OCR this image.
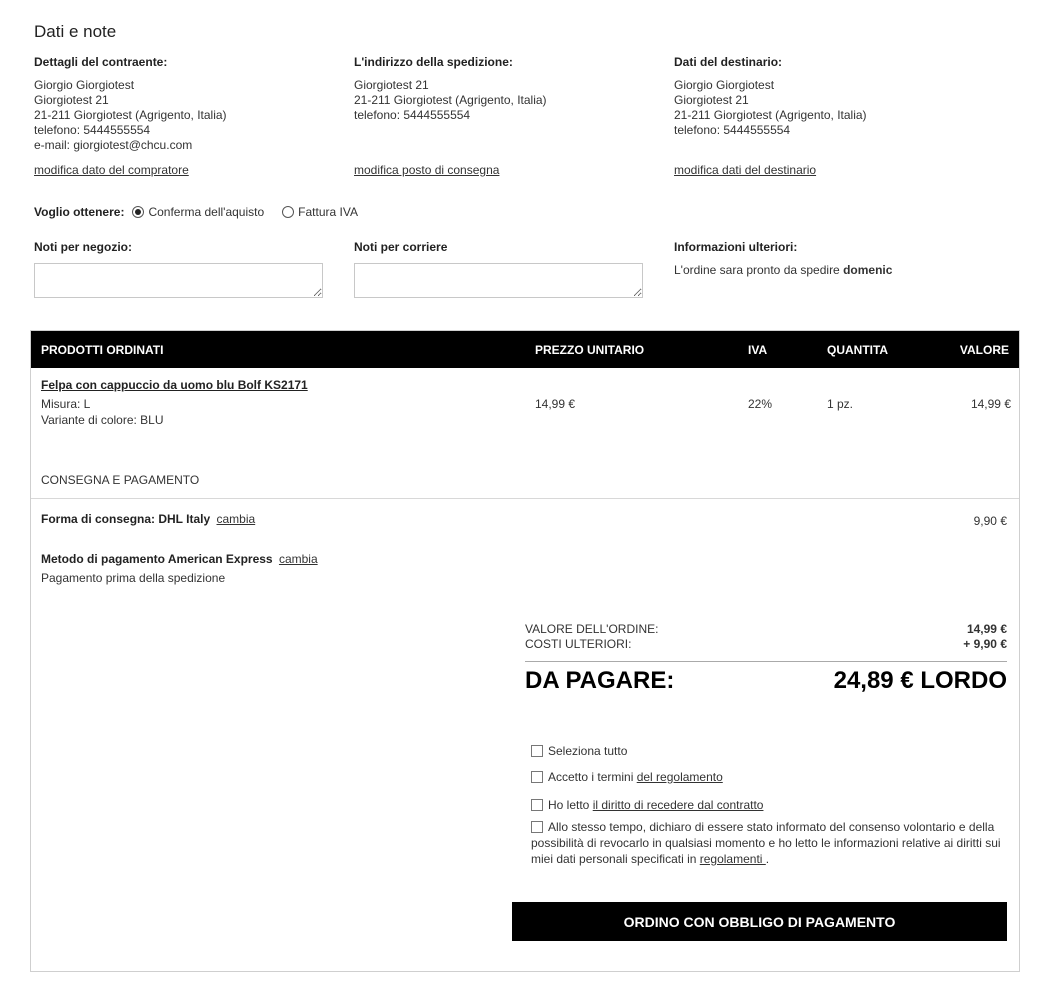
Dati e note
Dettagli del contraente:
Giorgio Giorgiotest
Giorgiotest 21
21-211 Giorgiotest (Agrigento, Italia)
telefono: 5444555554
e-mail: giorgiotest@chcu.com
modifica dato del compratore
L'indirizzo della spedizione:
Giorgiotest 21
21-211 Giorgiotest (Agrigento, Italia)
telefono: 5444555554
modifica posto di consegna
Dati del destinario:
Giorgio Giorgiotest
Giorgiotest 21
21-211 Giorgiotest (Agrigento, Italia)
telefono: 5444555554
modifica dati del destinario
Voglio ottenere: Conferma dell'aquisto	Fattura IVA
Noti per negozio:	Noti per corriere	Informazioni ulteriori:
L'ordine sara pronto da spedire domenic
PRODOTTI ORDINATI	PREZZO UNITARIO	IVA	QUANTITA	VALORE
Felpa con cappuccio da uomo blu Bolf KS2171
Misura: L
Variante di colore: BLU
14,99 €	22%	1 pz.	14,99 €
CONSEGNA E PAGAMENTO
Forma di consegna: DHL Italy cambia	9,90 €
Metodo di pagamento American Express cambia
Pagamento prima della spedizione
VALORE DELL'ORDINE:	14,99 €
COSTI ULTERIORI:	+ 9,90 €
DA PAGARE:	24,89 € LORDO
Seleziona tutto
Accetto i termini del regolamento
Ho letto il diritto di recedere dal contratto
Allo stesso tempo, dichiaro di essere stato informato del consenso volontario e della possibilità di revocarlo in qualsiasi momento e ho letto le informazioni relative ai diritti sui miei dati personali specificati in regolamenti .
ORDINO CON OBBLIGO DI PAGAMENTO
